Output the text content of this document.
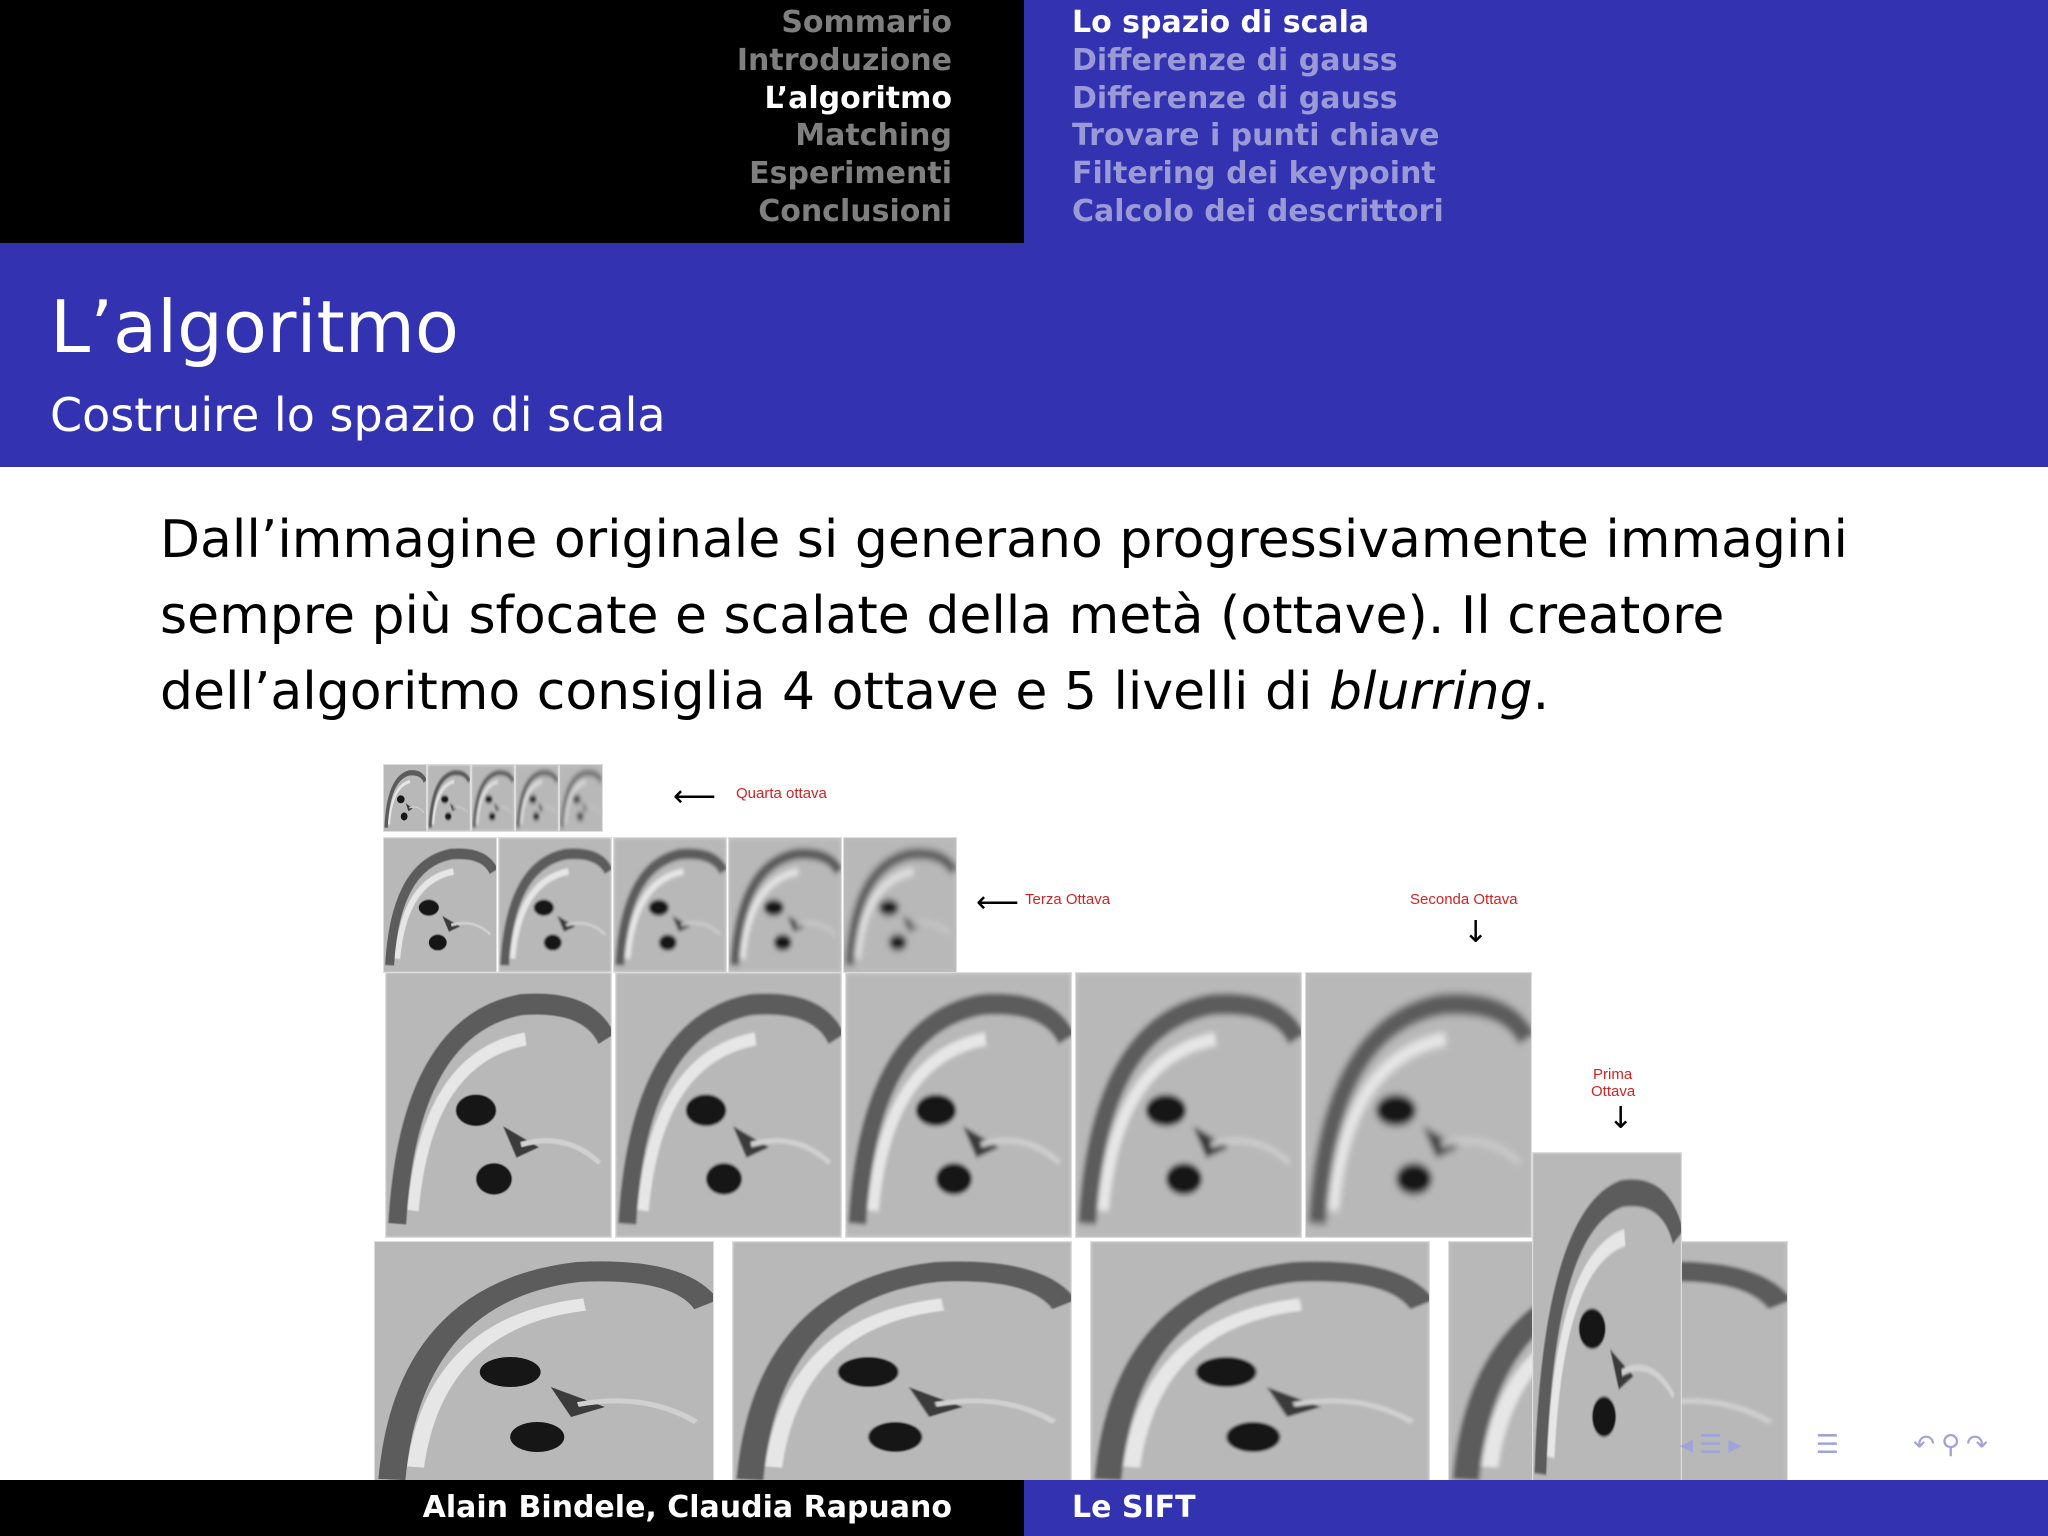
Sommario
Introduzione
L’algoritmo
Matching
Esperimenti
Conclusioni
Lo spazio di scala
Differenze di gauss
Differenze di gauss
Trovare i punti chiave
Filtering dei keypoint
Calcolo dei descrittori
L’algoritmo
Costruire lo spazio di scala
Dall’immagine originale si generano progressivamente immagini sempre più sfocate e scalate della metà (ottave). Il creatore dell’algoritmo consiglia 4 ottave e 5 livelli di blurring.
⟵ Quarta ottava
⟵ Terza Ottava	Seconda Ottava
↓
Prima
Ottava
↓
◂ ☰ ▸	☰	↶ ⚲ ↷
Alain Bindele, Claudia Rapuano	Le SIFT
